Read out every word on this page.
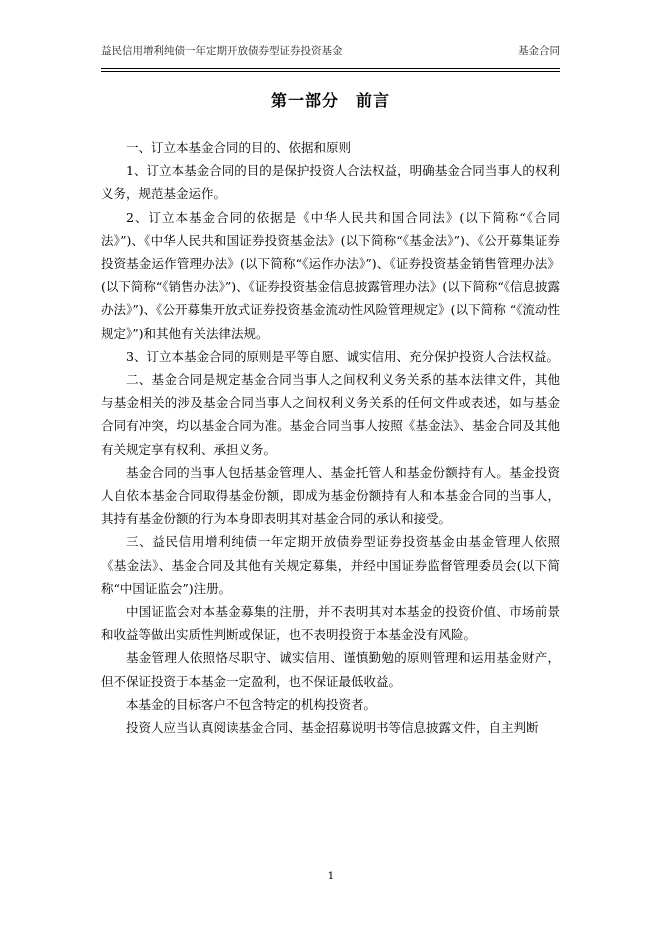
益民信用增利纯债一年定期开放债券型证券投资基金	基金合同
第一部分　前言

一、订立本基金合同的目的、依据和原则

1、订立本基金合同的目的是保护投资人合法权益，明确基金合同当事人的权利义务，规范基金运作。

2、订立本基金合同的依据是《中华人民共和国合同法》(以下简称“《合同法》”)、《中华人民共和国证券投资基金法》(以下简称“《基金法》”)、《公开募集证券投资基金运作管理办法》(以下简称“《运作办法》”)、《证券投资基金销售管理办法》(以下简称“《销售办法》”)、《证券投资基金信息披露管理办法》(以下简称“《信息披露办法》”)、《公开募集开放式证券投资基金流动性风险管理规定》(以下简称 “《流动性规定》”)和其他有关法律法规。

3、订立本基金合同的原则是平等自愿、诚实信用、充分保护投资人合法权益。

二、基金合同是规定基金合同当事人之间权利义务关系的基本法律文件，其他与基金相关的涉及基金合同当事人之间权利义务关系的任何文件或表述，如与基金合同有冲突，均以基金合同为准。基金合同当事人按照《基金法》、基金合同及其他有关规定享有权利、承担义务。

基金合同的当事人包括基金管理人、基金托管人和基金份额持有人。基金投资人自依本基金合同取得基金份额，即成为基金份额持有人和本基金合同的当事人，其持有基金份额的行为本身即表明其对基金合同的承认和接受。

三、益民信用增利纯债一年定期开放债券型证券投资基金由基金管理人依照《基金法》、基金合同及其他有关规定募集，并经中国证券监督管理委员会(以下简称“中国证监会”)注册。

中国证监会对本基金募集的注册，并不表明其对本基金的投资价值、市场前景和收益等做出实质性判断或保证，也不表明投资于本基金没有风险。

基金管理人依照恪尽职守、诚实信用、谨慎勤勉的原则管理和运用基金财产，但不保证投资于本基金一定盈利，也不保证最低收益。

本基金的目标客户不包含特定的机构投资者。

投资人应当认真阅读基金合同、基金招募说明书等信息披露文件，自主判断

1
